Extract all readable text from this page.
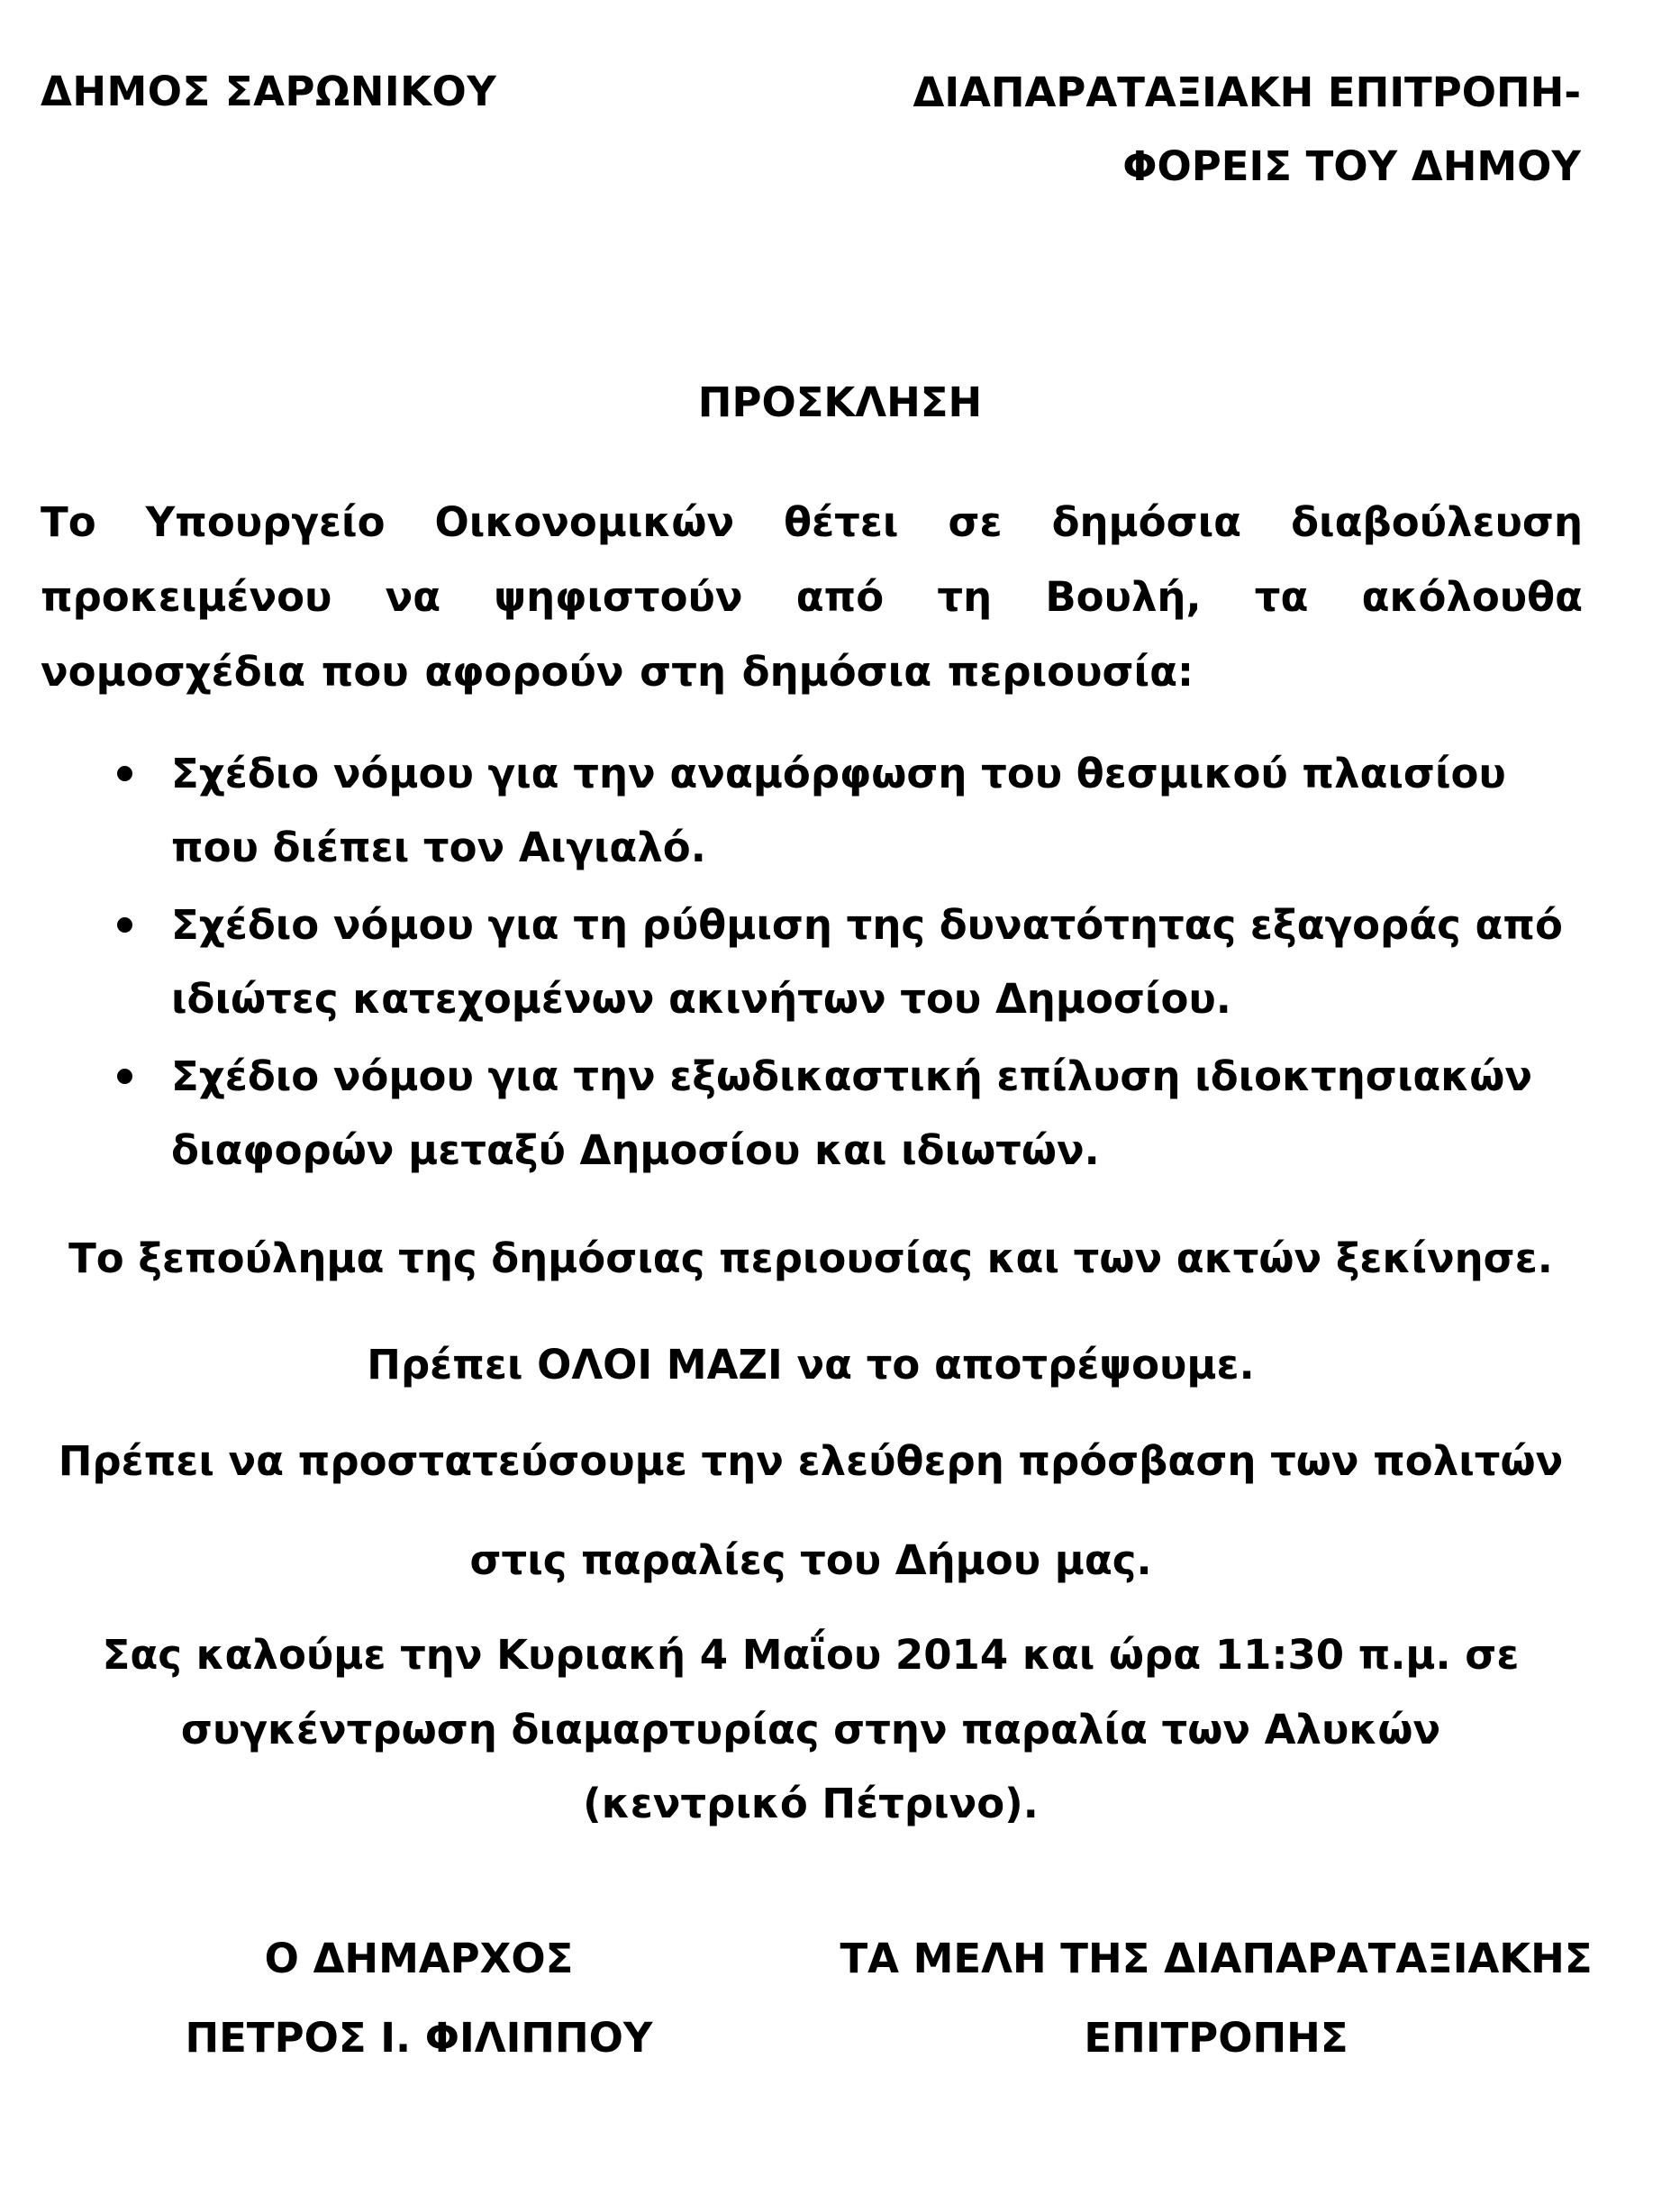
ΔΗΜΟΣ ΣΑΡΩΝΙΚΟΥ	ΔΙΑΠΑΡΑΤΑΞΙΑΚΗ ΕΠΙΤΡΟΠΗ-
ΦΟΡΕΙΣ ΤΟΥ ΔΗΜΟΥ
ΠΡΟΣΚΛΗΣΗ
Το Υπουργείο Οικονομικών θέτει σε δημόσια διαβούλευση προκειμένου να ψηφιστούν από τη Βουλή, τα ακόλουθα νομοσχέδια που αφορούν στη δημόσια περιουσία:
Σχέδιο νόμου για την αναμόρφωση του θεσμικού πλαισίου που διέπει τον Αιγιαλό.
Σχέδιο νόμου για τη ρύθμιση της δυνατότητας εξαγοράς από ιδιώτες κατεχομένων ακινήτων του Δημοσίου.
Σχέδιο νόμου για την εξωδικαστική επίλυση ιδιοκτησιακών διαφορών μεταξύ Δημοσίου και ιδιωτών.
Το ξεπούλημα της δημόσιας περιουσίας και των ακτών ξεκίνησε.
Πρέπει ΟΛΟΙ ΜΑΖΙ να το αποτρέψουμε.
Πρέπει να προστατεύσουμε την ελεύθερη πρόσβαση των πολιτών
στις παραλίες του Δήμου μας.
Σας καλούμε την Κυριακή 4 Μαΐου 2014 και ώρα 11:30 π.μ. σε
συγκέντρωση διαμαρτυρίας στην παραλία των Αλυκών
(κεντρικό Πέτρινο).
Ο ΔΗΜΑΡΧΟΣ
ΠΕΤΡΟΣ Ι. ΦΙΛΙΠΠΟΥ
ΤΑ ΜΕΛΗ ΤΗΣ ΔΙΑΠΑΡΑΤΑΞΙΑΚΗΣ
ΕΠΙΤΡΟΠΗΣ
